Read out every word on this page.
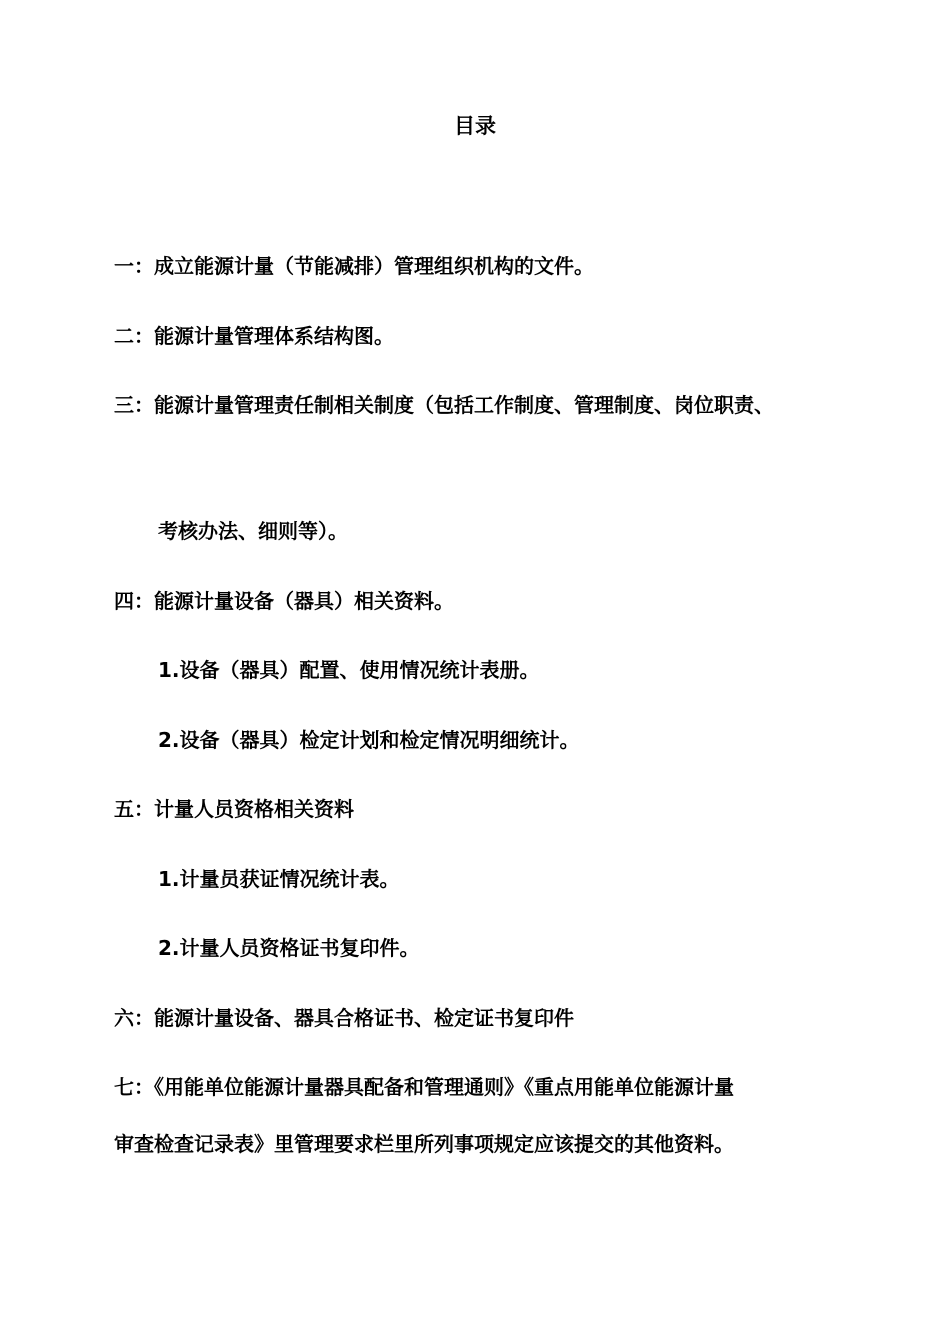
目录
一：成立能源计量（节能减排）管理组织机构的文件。
二：能源计量管理体系结构图。
三：能源计量管理责任制相关制度（包括工作制度、管理制度、岗位职责、
考核办法、细则等）。
四：能源计量设备（器具）相关资料。
1.设备（器具）配置、使用情况统计表册。
2.设备（器具）检定计划和检定情况明细统计。
五：计量人员资格相关资料
1.计量员获证情况统计表。
2.计量人员资格证书复印件。
六：能源计量设备、器具合格证书、检定证书复印件
七：《用能单位能源计量器具配备和管理通则》《重点用能单位能源计量
审查检查记录表》里管理要求栏里所列事项规定应该提交的其他资料。
